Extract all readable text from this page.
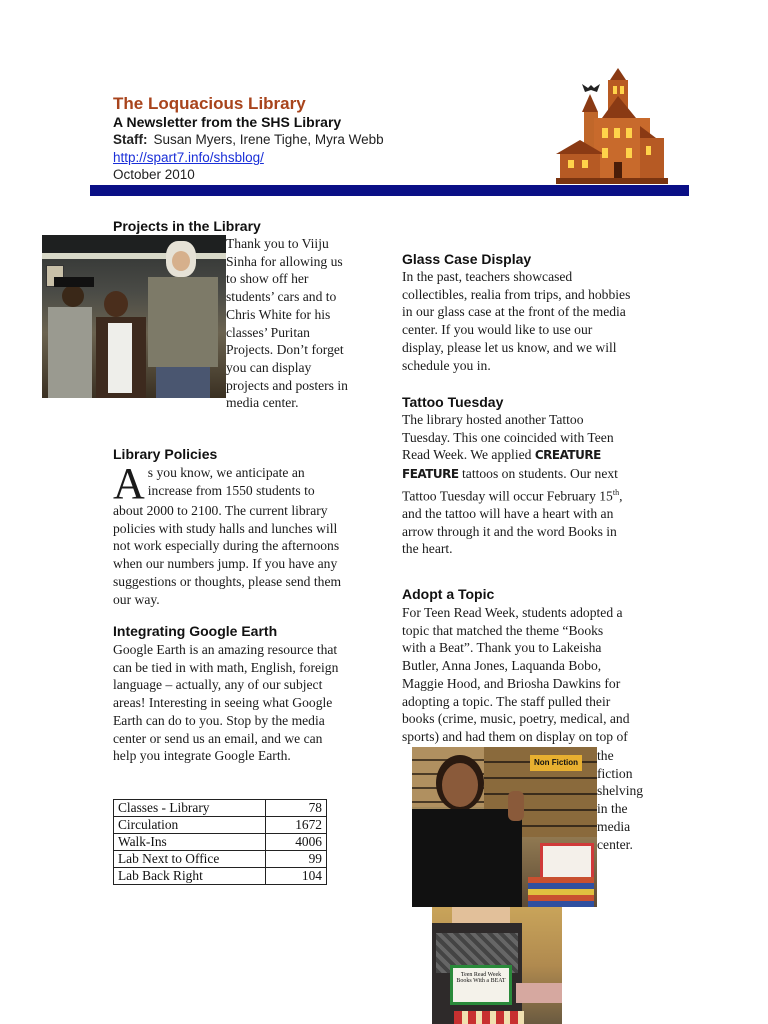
The Loquacious Library
A Newsletter from the SHS Library
Staff: Susan Myers, Irene Tighe, Myra Webb
http://spart7.info/shsblog/
October 2010
Projects in the Library
Thank you to Viiju
Sinha for allowing us
to show off her
students’ cars and to
Chris White for his
classes’ Puritan
Projects. Don’t forget
you can display
projects and posters in
media center.
Library Policies
A s you know, we anticipate an
increase from 1550 students to
about 2000 to 2100. The current library
policies with study halls and lunches will
not work especially during the afternoons
when our numbers jump. If you have any
suggestions or thoughts, please send them
our way.
Integrating Google Earth
Google Earth is an amazing resource that
can be tied in with math, English, foreign
language – actually, any of our subject
areas! Interesting in seeing what Google
Earth can do to you. Stop by the media
center or send us an email, and we can
help you integrate Google Earth.
Classes - Library	78
Circulation	1672
Walk-Ins	4006
Lab Next to Office	99
Lab Back Right	104
Glass Case Display
In the past, teachers showcased
collectibles, realia from trips, and hobbies
in our glass case at the front of the media
center. If you would like to use our
display, please let us know, and we will
schedule you in.
Tattoo Tuesday
The library hosted another Tattoo
Tuesday. This one coincided with Teen
Read Week. We applied CREATURE
FEATURE tattoos on students. Our next
Tattoo Tuesday will occur February 15th,
and the tattoo will have a heart with an
arrow through it and the word Books in
the heart.
Adopt a Topic
For Teen Read Week, students adopted a
topic that matched the theme “Books
with a Beat”. Thank you to Lakeisha
Butler, Anna Jones, Laquanda Bobo,
Maggie Hood, and Briosha Dawkins for
adopting a topic. The staff pulled their
books (crime, music, poetry, medical, and
sports) and had them on display on top of
the
fiction
shelving
in the
media
center.
Non Fiction
Teen Read Week Books With a BEAT
